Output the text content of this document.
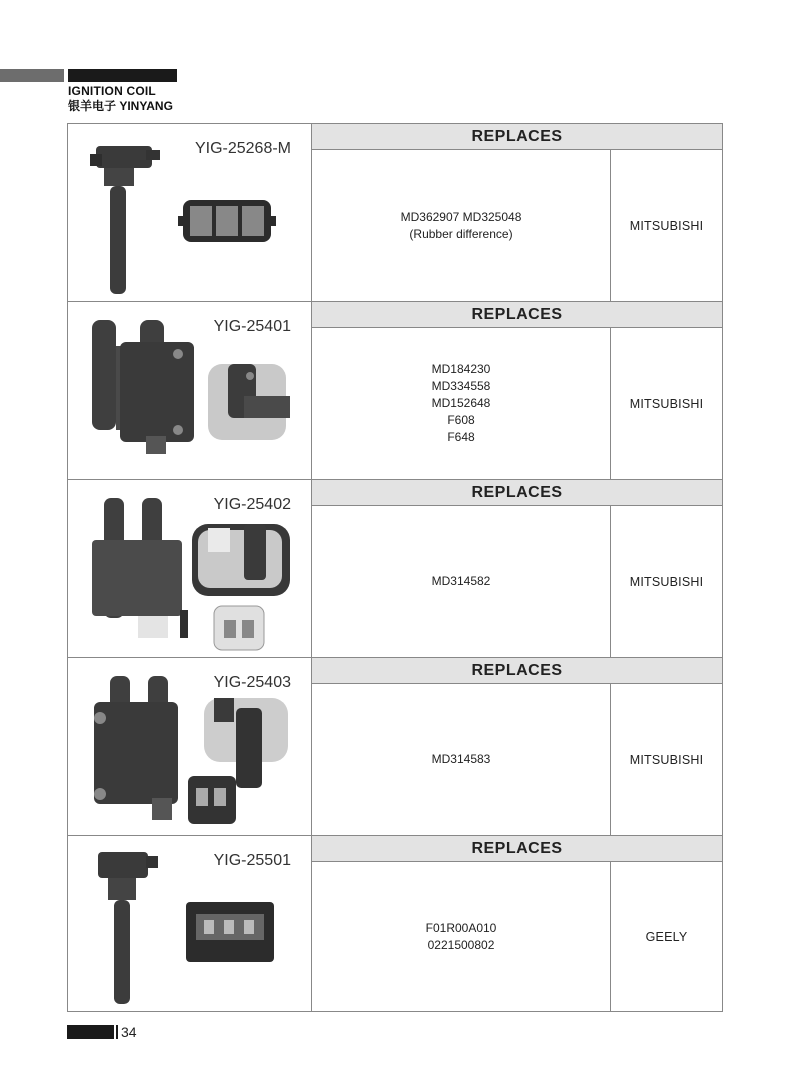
IGNITION COIL
银羊电子 YINYANG
YIG-25268-M
REPLACES
MD362907 MD325048
(Rubber difference)
MITSUBISHI
YIG-25401
REPLACES
MD184230
MD334558
MD152648
F608
F648
MITSUBISHI
YIG-25402
REPLACES
MD314582	MITSUBISHI
YIG-25403
REPLACES
MD314583	MITSUBISHI
YIG-25501
REPLACES
F01R00A010
0221500802
GEELY
34
